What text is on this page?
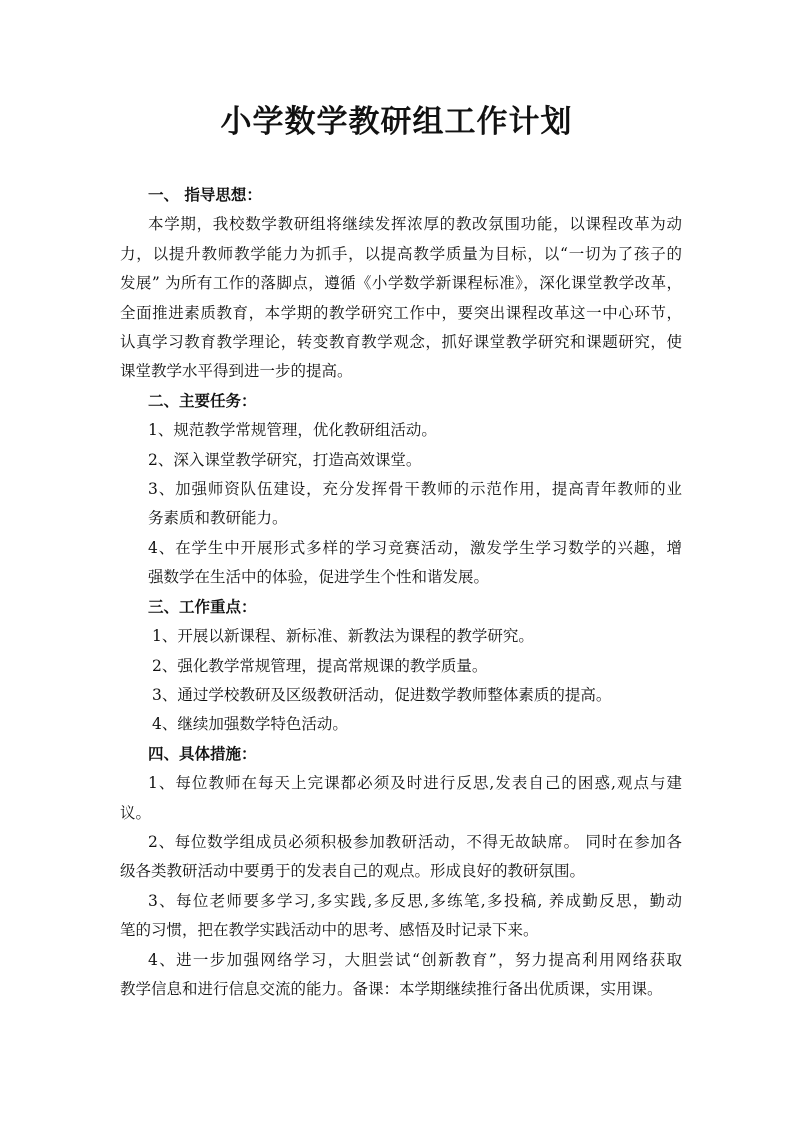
小学数学教研组工作计划
一、 指导思想：
本学期，我校数学教研组将继续发挥浓厚的教改氛围功能，以课程改革为动
力，以提升教师教学能力为抓手，以提高教学质量为目标，以“一切为了孩子的
发展” 为所有工作的落脚点，遵循《小学数学新课程标准》，深化课堂教学改革，
全面推进素质教育，本学期的教学研究工作中，要突出课程改革这一中心环节，
认真学习教育教学理论，转变教育教学观念，抓好课堂教学研究和课题研究，使
课堂教学水平得到进一步的提高。
二、主要任务：
1、规范教学常规管理，优化教研组活动。
2、深入课堂教学研究，打造高效课堂。
3、加强师资队伍建设，充分发挥骨干教师的示范作用，提高青年教师的业
务素质和教研能力。
4、在学生中开展形式多样的学习竞赛活动，激发学生学习数学的兴趣，增
强数学在生活中的体验，促进学生个性和谐发展。
三、工作重点：
1、开展以新课程、新标准、新教法为课程的教学研究。
2、强化教学常规管理，提高常规课的教学质量。
3、通过学校教研及区级教研活动，促进数学教师整体素质的提高。
4、继续加强数学特色活动。
四、具体措施：
1、每位教师在每天上完课都必须及时进行反思,发表自己的困惑,观点与建
议。
2、每位数学组成员必须积极参加教研活动，不得无故缺席。 同时在参加各
级各类教研活动中要勇于的发表自己的观点。形成良好的教研氛围。
3、每位老师要多学习,多实践,多反思,多练笔,多投稿, 养成勤反思，勤动
笔的习惯，把在教学实践活动中的思考、感悟及时记录下来。
4、进一步加强网络学习，大胆尝试“创新教育”，努力提高利用网络获取
教学信息和进行信息交流的能力。备课：本学期继续推行备出优质课，实用课。
